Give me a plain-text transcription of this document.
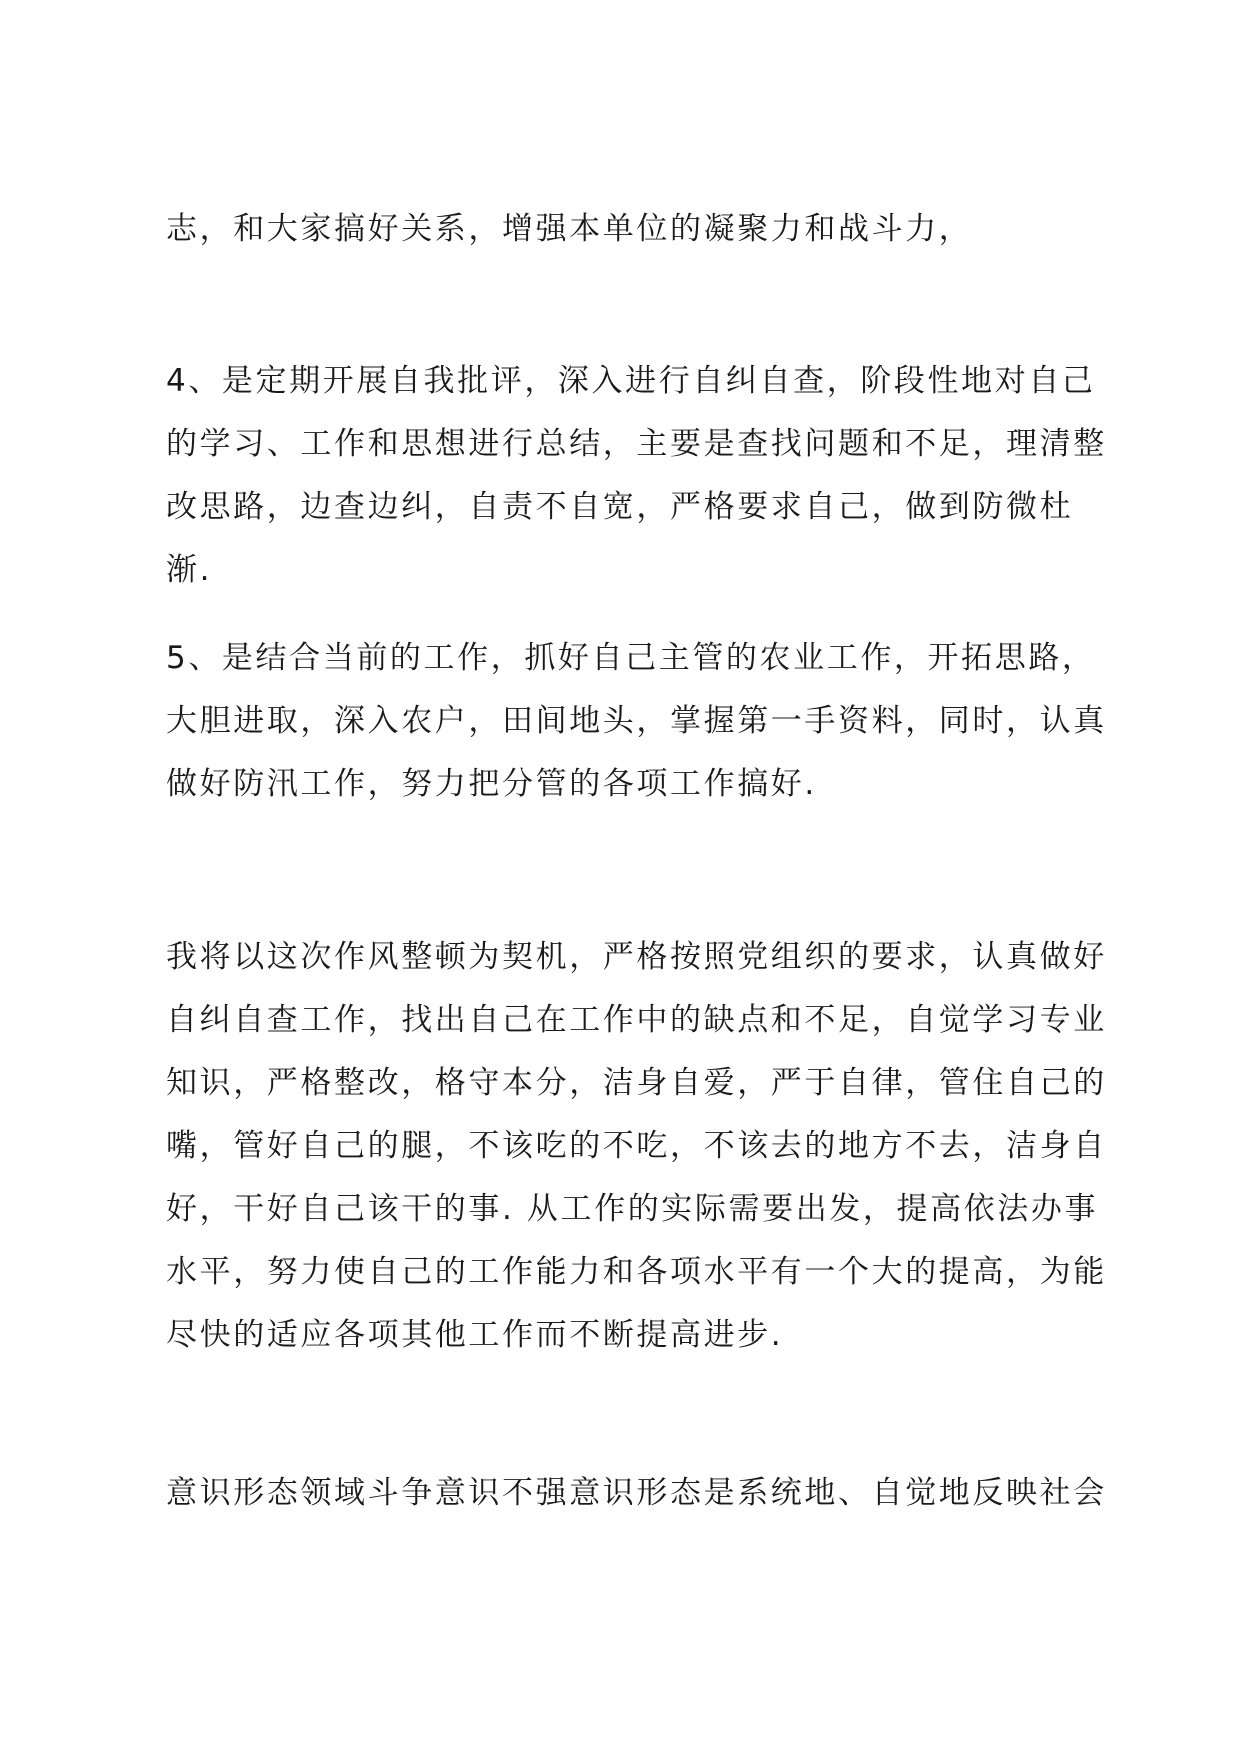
志，和大家搞好关系，增强本单位的凝聚力和战斗力，

4、是定期开展自我批评，深入进行自纠自查，阶段性地对自己
的学习、工作和思想进行总结，主要是查找问题和不足，理清整
改思路，边查边纠，自责不自宽，严格要求自己，做到防微杜
渐.

5、是结合当前的工作，抓好自己主管的农业工作，开拓思路，
大胆进取，深入农户，田间地头，掌握第一手资料，同时，认真
做好防汛工作，努力把分管的各项工作搞好.

我将以这次作风整顿为契机，严格按照党组织的要求，认真做好
自纠自查工作，找出自己在工作中的缺点和不足，自觉学习专业
知识，严格整改，格守本分，洁身自爱，严于自律，管住自己的
嘴，管好自己的腿，不该吃的不吃，不该去的地方不去，洁身自
好，干好自己该干的事. 从工作的实际需要出发，提高依法办事
水平，努力使自己的工作能力和各项水平有一个大的提高，为能
尽快的适应各项其他工作而不断提高进步.

意识形态领域斗争意识不强意识形态是系统地、自觉地反映社会
